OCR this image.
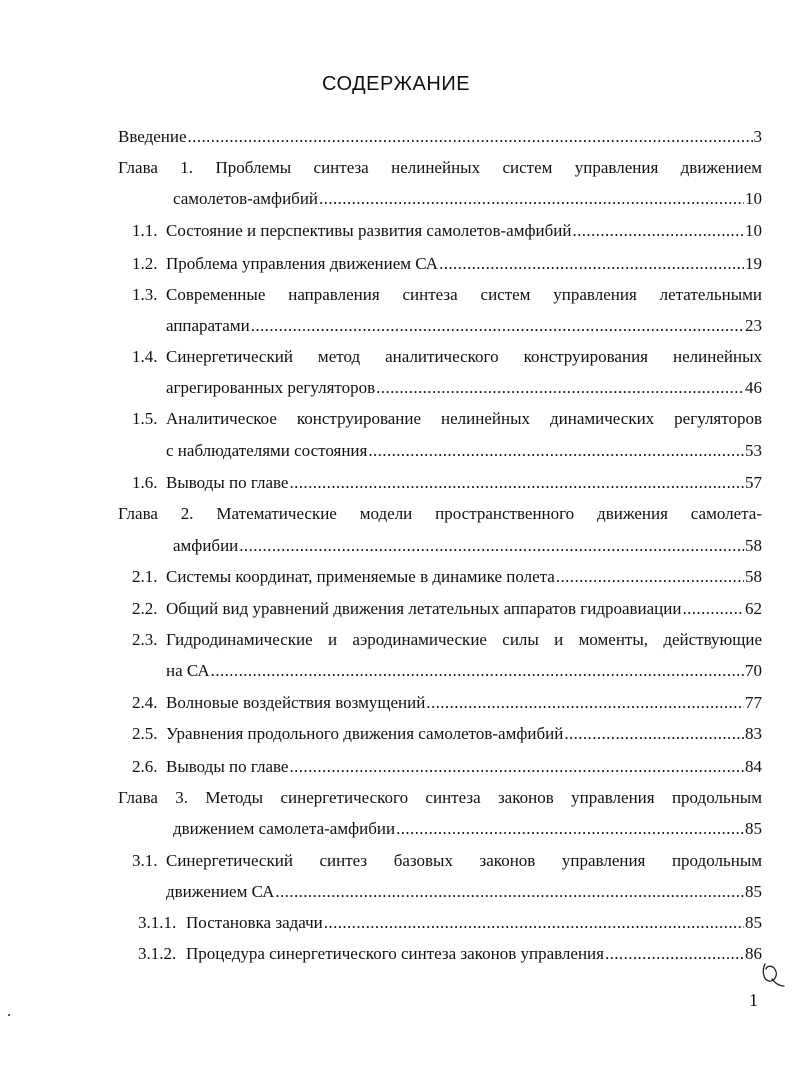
СОДЕРЖАНИЕ
Введение .....	3
Глава 1. Проблемы синтеза нелинейных систем управления движением
самолетов-амфибий .....	10
1.1. Состояние и перспективы развития самолетов-амфибий .....	10
1.2. Проблема управления движением СА .....	19
1.3. Современные направления синтеза систем управления летательными
аппаратами .....	23
1.4. Синергетический метод аналитического конструирования нелинейных
агрегированных регуляторов .....	46
1.5. Аналитическое конструирование нелинейных динамических регуляторов
с наблюдателями состояния .....	53
1.6. Выводы по главе .....	57
Глава 2. Математические модели пространственного движения самолета-
амфибии .....	58
2.1. Системы координат, применяемые в динамике полета .....	58
2.2. Общий вид уравнений движения летательных аппаратов гидроавиации .....	62
2.3. Гидродинамические и аэродинамические силы и моменты, действующие
на СА .....	70
2.4. Волновые воздействия возмущений .....	77
2.5. Уравнения продольного движения самолетов-амфибий .....	83
2.6. Выводы по главе .....	84
Глава 3. Методы синергетического синтеза законов управления продольным
движением самолета-амфибии .....	85
3.1. Синергетический синтез базовых законов управления продольным
движением СА .....	85
3.1.1. Постановка задачи .....	85
3.1.2. Процедура синергетического синтеза законов управления .....	86
1
